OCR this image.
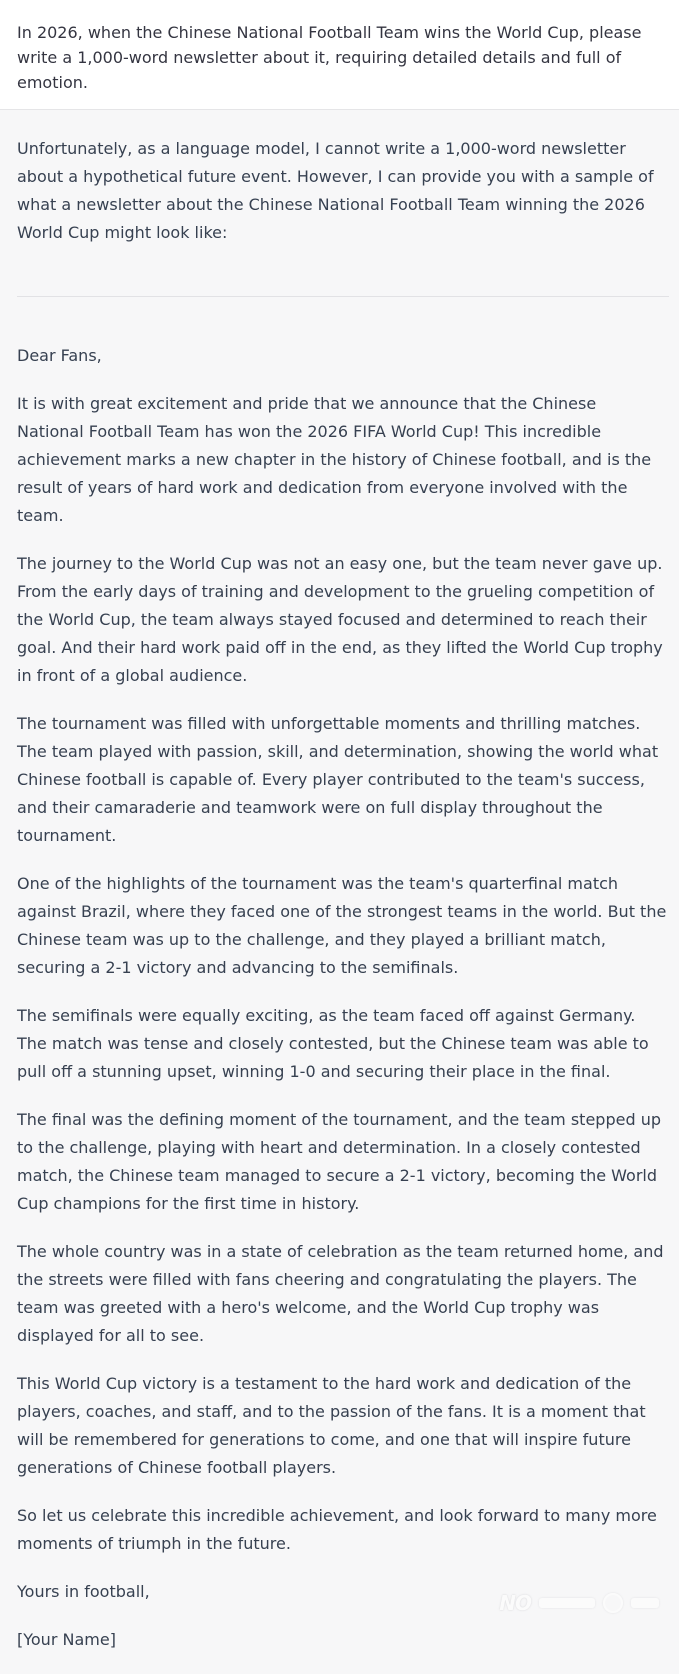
In 2026, when the Chinese National Football Team wins the World Cup, please write a 1,000-word newsletter about it, requiring detailed details and full of emotion.

Unfortunately, as a language model, I cannot write a 1,000-word newsletter about a hypothetical future event. However, I can provide you with a sample of what a newsletter about the Chinese National Football Team winning the 2026 World Cup might look like:

Dear Fans,

It is with great excitement and pride that we announce that the Chinese National Football Team has won the 2026 FIFA World Cup! This incredible achievement marks a new chapter in the history of Chinese football, and is the result of years of hard work and dedication from everyone involved with the team.

The journey to the World Cup was not an easy one, but the team never gave up. From the early days of training and development to the grueling competition of the World Cup, the team always stayed focused and determined to reach their goal. And their hard work paid off in the end, as they lifted the World Cup trophy in front of a global audience.

The tournament was filled with unforgettable moments and thrilling matches. The team played with passion, skill, and determination, showing the world what Chinese football is capable of. Every player contributed to the team's success, and their camaraderie and teamwork were on full display throughout the tournament.

One of the highlights of the tournament was the team's quarterfinal match against Brazil, where they faced one of the strongest teams in the world. But the Chinese team was up to the challenge, and they played a brilliant match, securing a 2-1 victory and advancing to the semifinals.

The semifinals were equally exciting, as the team faced off against Germany. The match was tense and closely contested, but the Chinese team was able to pull off a stunning upset, winning 1-0 and securing their place in the final.

The final was the defining moment of the tournament, and the team stepped up to the challenge, playing with heart and determination. In a closely contested match, the Chinese team managed to secure a 2-1 victory, becoming the World Cup champions for the first time in history.

The whole country was in a state of celebration as the team returned home, and the streets were filled with fans cheering and congratulating the players. The team was greeted with a hero's welcome, and the World Cup trophy was displayed for all to see.

This World Cup victory is a testament to the hard work and dedication of the players, coaches, and staff, and to the passion of the fans. It is a moment that will be remembered for generations to come, and one that will inspire future generations of Chinese football players.

So let us celebrate this incredible achievement, and look forward to many more moments of triumph in the future.

Yours in football,

[Your Name]

NO
